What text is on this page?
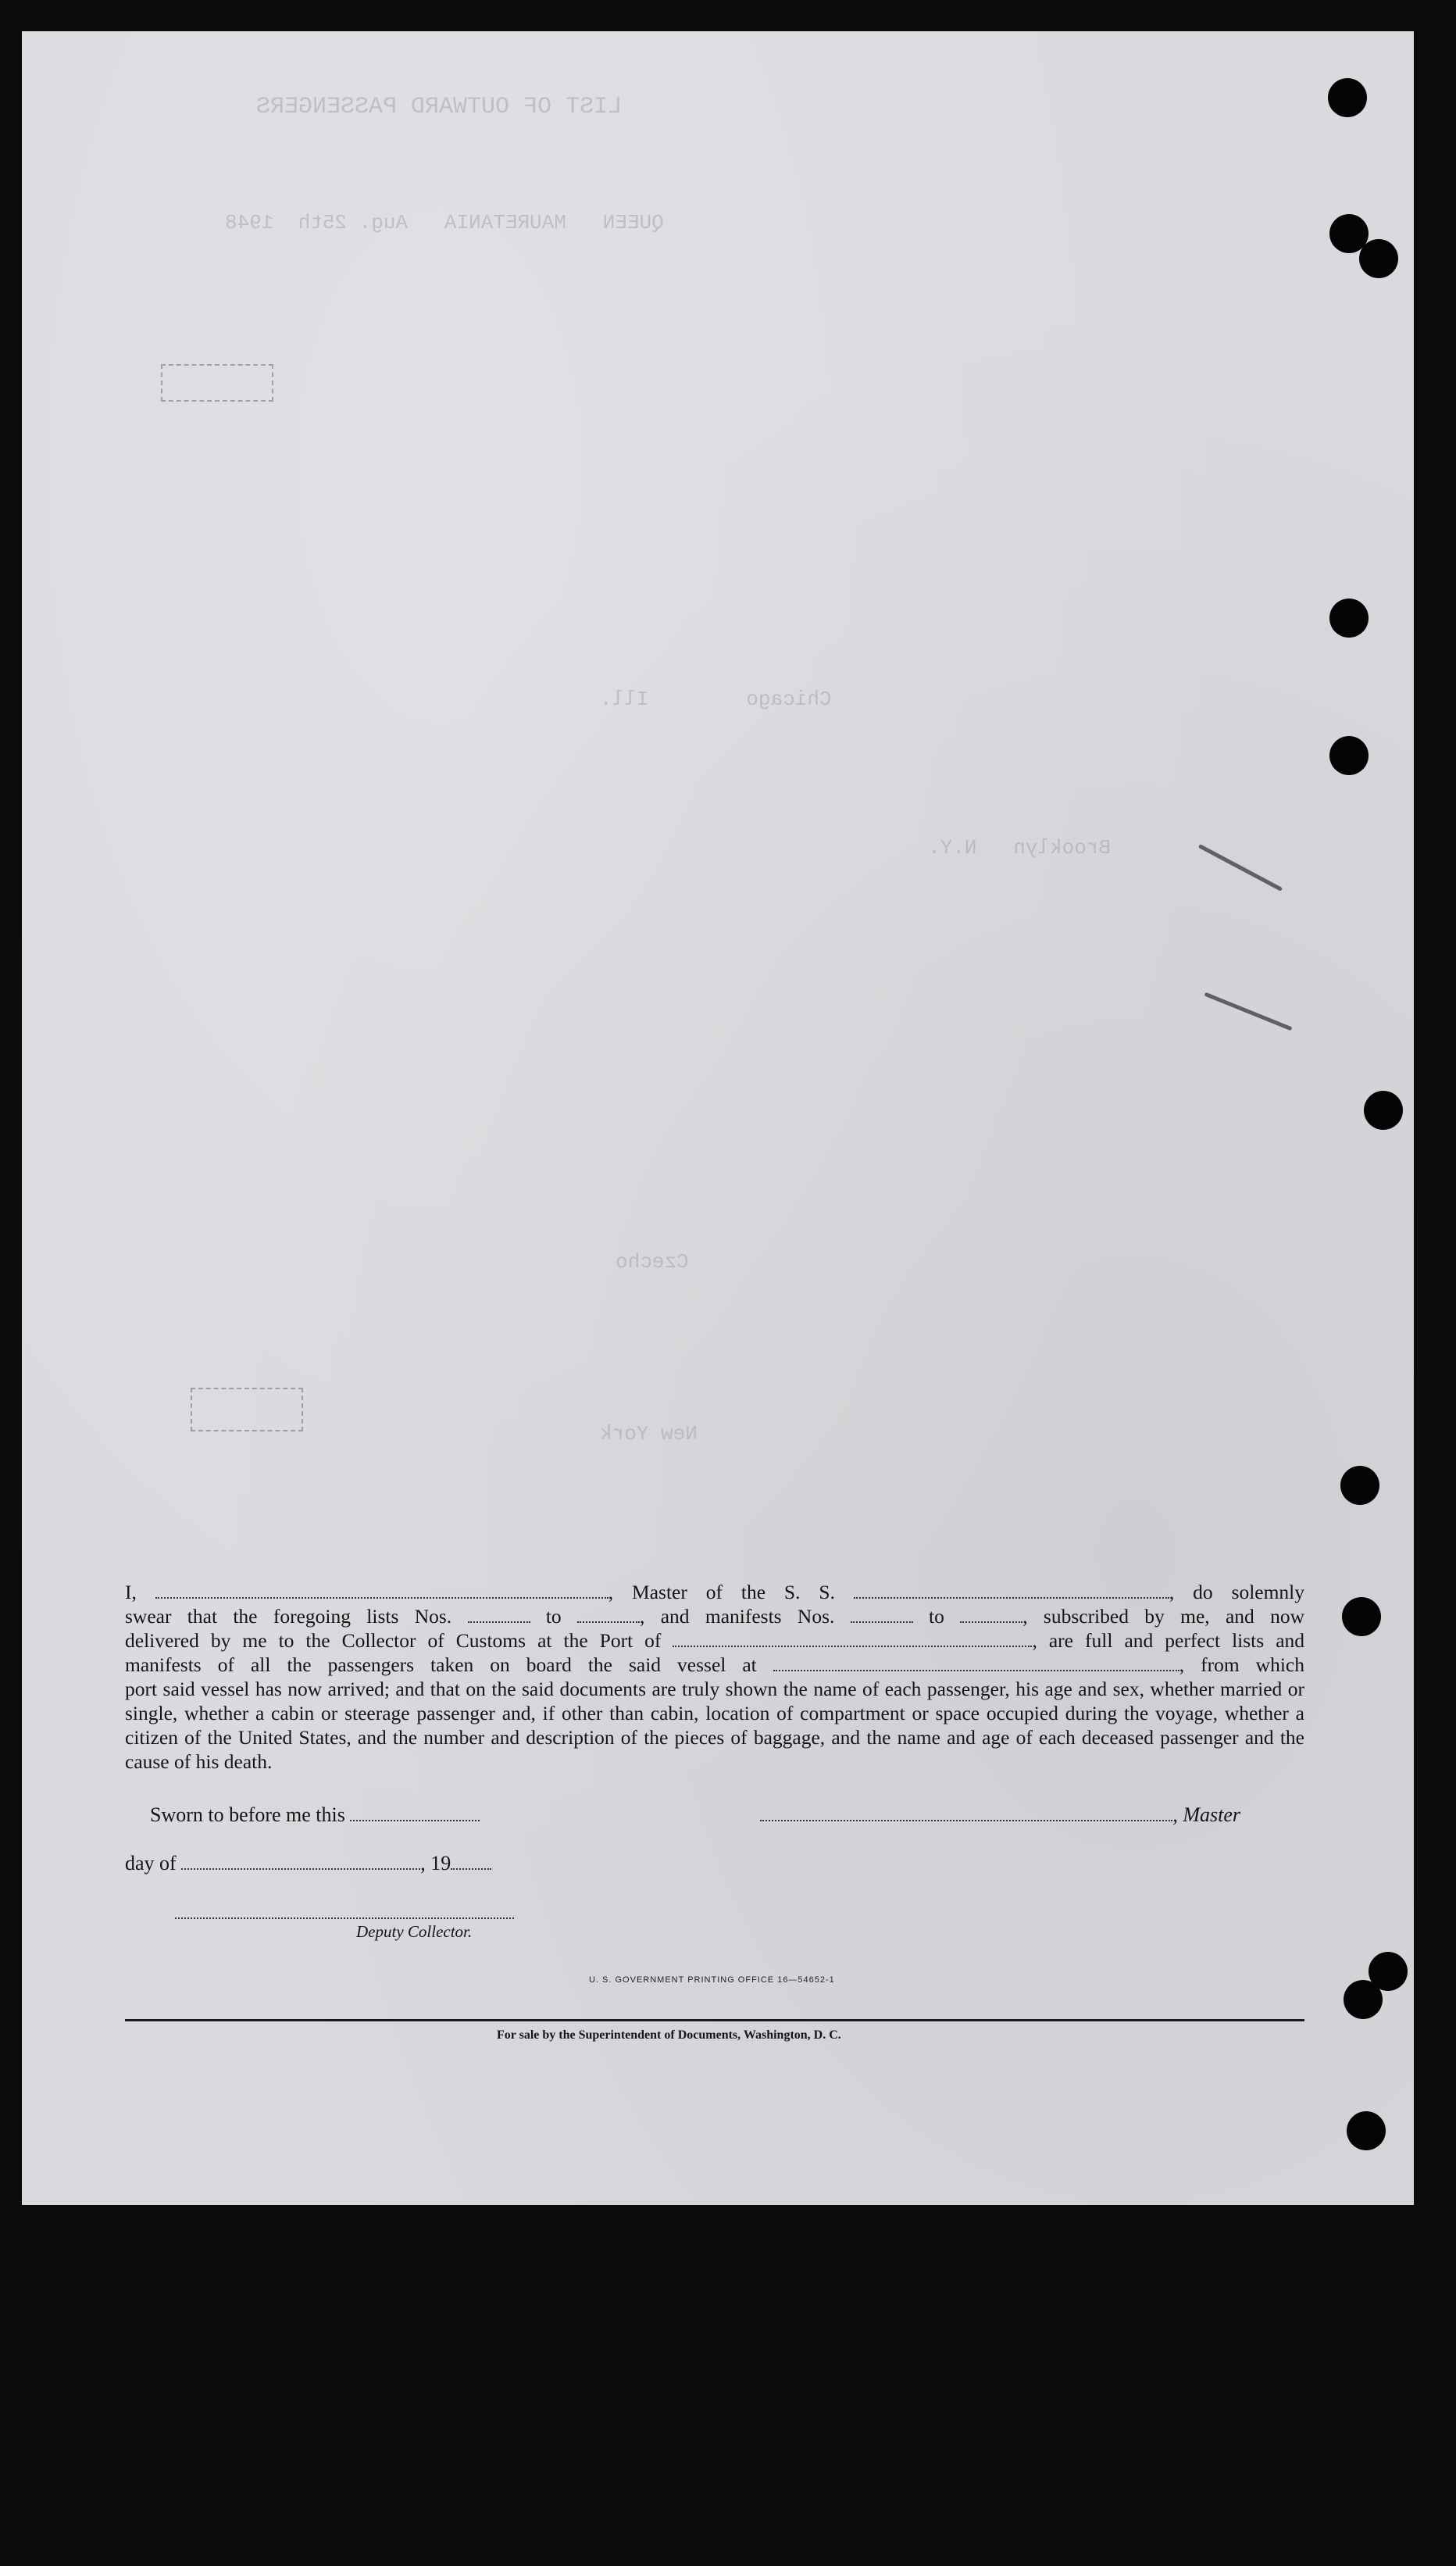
LIST OF OUTWARD PASSENGERS
QUEEN   MAURETANIA   Aug. 25th  1948
Chicago        Ill.
Brooklyn   N.Y.
Czecho
New York
I,	, Master of the S. S.	, do solemnly
swear that the foregoing lists Nos.	to	, and manifests Nos.	to	, subscribed by me, and now
delivered by me to the Collector of Customs at the Port of	, are full and perfect lists and
manifests of all the passengers taken on board the said vessel at	, from which
port said vessel has now arrived; and that on the said documents are truly shown the name of each passenger, his age and sex, whether married or single, whether a cabin or steerage passenger and, if other than cabin, location of compartment or space occupied during the voyage, whether a citizen of the United States, and the number and description of the pieces of baggage, and the name and age of each deceased passenger and the cause of his death.
Sworn to before me this	, Master
day of	, 19
Deputy Collector.
U. S. GOVERNMENT PRINTING OFFICE 16—54652-1
For sale by the Superintendent of Documents, Washington, D. C.
